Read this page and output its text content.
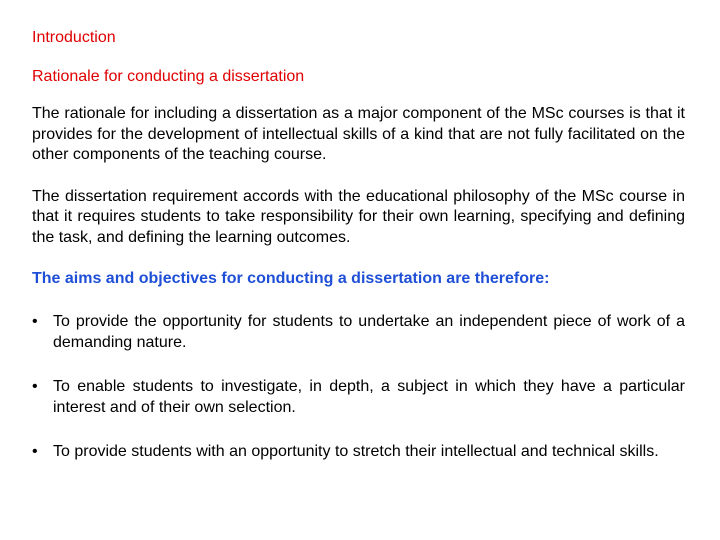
Introduction
Rationale for conducting a dissertation

The rationale for including a dissertation as a major component of the MSc courses is that it provides for the development of intellectual skills of a kind that are not fully facilitated on the other components of the teaching course.

The dissertation requirement accords with the educational philosophy of the MSc course in that it requires students to take responsibility for their own learning, specifying and defining the task, and defining the learning outcomes.

The aims and objectives for conducting a dissertation are therefore:

• To provide the opportunity for students to undertake an independent piece of work of a demanding nature.
• To enable students to investigate, in depth, a subject in which they have a particular interest and of their own selection.
• To provide students with an opportunity to stretch their intellectual and technical skills.
